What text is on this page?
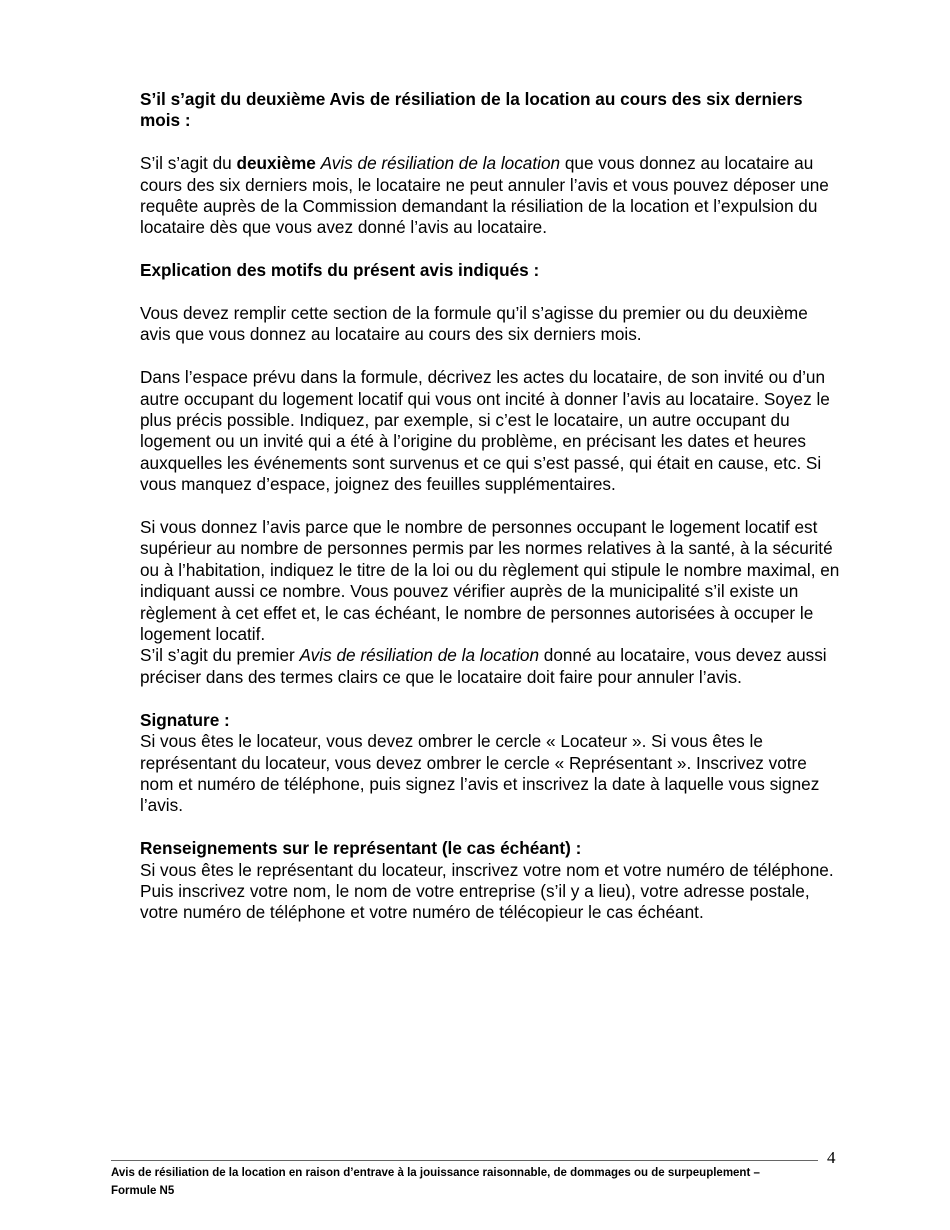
S’il s’agit du deuxième Avis de résiliation de la location au cours des six derniers mois :

S’il s’agit du deuxième Avis de résiliation de la location que vous donnez au locataire au cours des six derniers mois, le locataire ne peut annuler l’avis et vous pouvez déposer une requête auprès de la Commission demandant la résiliation de la location et l’expulsion du locataire dès que vous avez donné l’avis au locataire.

Explication des motifs du présent avis indiqués :

Vous devez remplir cette section de la formule qu’il s’agisse du premier ou du deuxième avis que vous donnez au locataire au cours des six derniers mois.

Dans l’espace prévu dans la formule, décrivez les actes du locataire, de son invité ou d’un autre occupant du logement locatif qui vous ont incité à donner l’avis au locataire. Soyez le plus précis possible. Indiquez, par exemple, si c’est le locataire, un autre occupant du logement ou un invité qui a été à l’origine du problème, en précisant les dates et heures auxquelles les événements sont survenus et ce qui s’est passé, qui était en cause, etc. Si vous manquez d’espace, joignez des feuilles supplémentaires.

Si vous donnez l’avis parce que le nombre de personnes occupant le logement locatif est supérieur au nombre de personnes permis par les normes relatives à la santé, à la sécurité ou à l’habitation, indiquez le titre de la loi ou du règlement qui stipule le nombre maximal, en indiquant aussi ce nombre. Vous pouvez vérifier auprès de la municipalité s’il existe un règlement à cet effet et, le cas échéant, le nombre de personnes autorisées à occuper le logement locatif.

S’il s’agit du premier Avis de résiliation de la location donné au locataire, vous devez aussi préciser dans des termes clairs ce que le locataire doit faire pour annuler l’avis.

Signature :

Si vous êtes le locateur, vous devez ombrer le cercle « Locateur ». Si vous êtes le représentant du locateur, vous devez ombrer le cercle « Représentant ». Inscrivez votre nom et numéro de téléphone, puis signez l’avis et inscrivez la date à laquelle vous signez l’avis.

Renseignements sur le représentant (le cas échéant) :

Si vous êtes le représentant du locateur, inscrivez votre nom et votre numéro de téléphone. Puis inscrivez votre nom, le nom de votre entreprise (s’il y a lieu), votre adresse postale, votre numéro de téléphone et votre numéro de télécopieur le cas échéant.

4
Avis de résiliation de la location en raison d’entrave à la jouissance raisonnable, de dommages ou de surpeuplement –
Formule N5
